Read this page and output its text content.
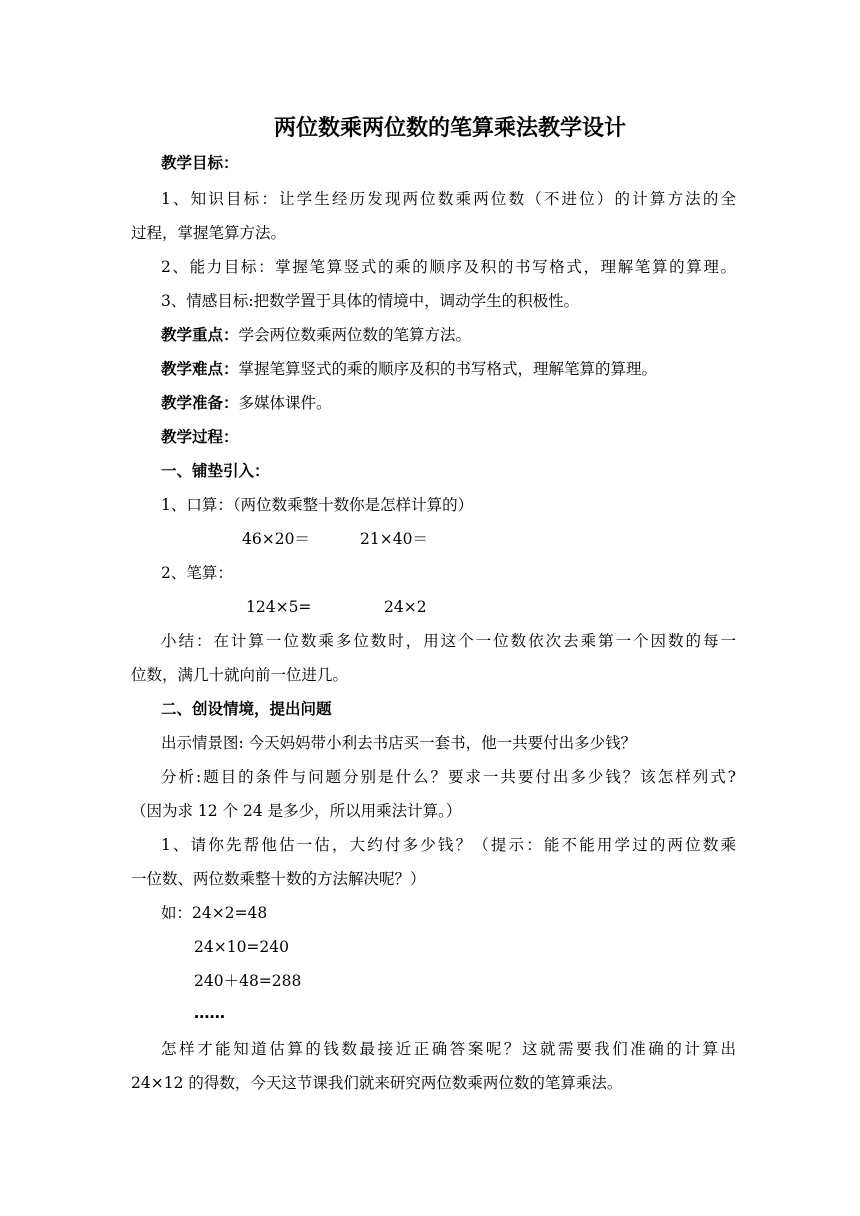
两位数乘两位数的笔算乘法教学设计
教学目标：
1、知识目标：让学生经历发现两位数乘两位数（不进位）的计算方法的全
过程，掌握笔算方法。
2、能力目标：掌握笔算竖式的乘的顺序及积的书写格式，理解笔算的算理。
3、情感目标:把数学置于具体的情境中，调动学生的积极性。
教学重点：学会两位数乘两位数的笔算方法。
教学难点：掌握笔算竖式的乘的顺序及积的书写格式，理解笔算的算理。
教学准备：多媒体课件。
教学过程：
一、铺垫引入：
1、口算：（两位数乘整十数你是怎样计算的）
46×20＝	21×40＝
2、笔算：
124×5=	24×2
小结：在计算一位数乘多位数时，用这个一位数依次去乘第一个因数的每一
位数，满几十就向前一位进几。
二、创设情境，提出问题
出示情景图: 今天妈妈带小利去书店买一套书，他一共要付出多少钱？
分析:题目的条件与问题分别是什么？要求一共要付出多少钱？该怎样列式?
（因为求 12 个 24 是多少，所以用乘法计算。）
1、请你先帮他估一估，大约付多少钱？（提示：能不能用学过的两位数乘
一位数、两位数乘整十数的方法解决呢？）
如：24×2=48
24×10=240
240＋48=288
……
怎样才能知道估算的钱数最接近正确答案呢？这就需要我们准确的计算出
24×12 的得数，今天这节课我们就来研究两位数乘两位数的笔算乘法。
